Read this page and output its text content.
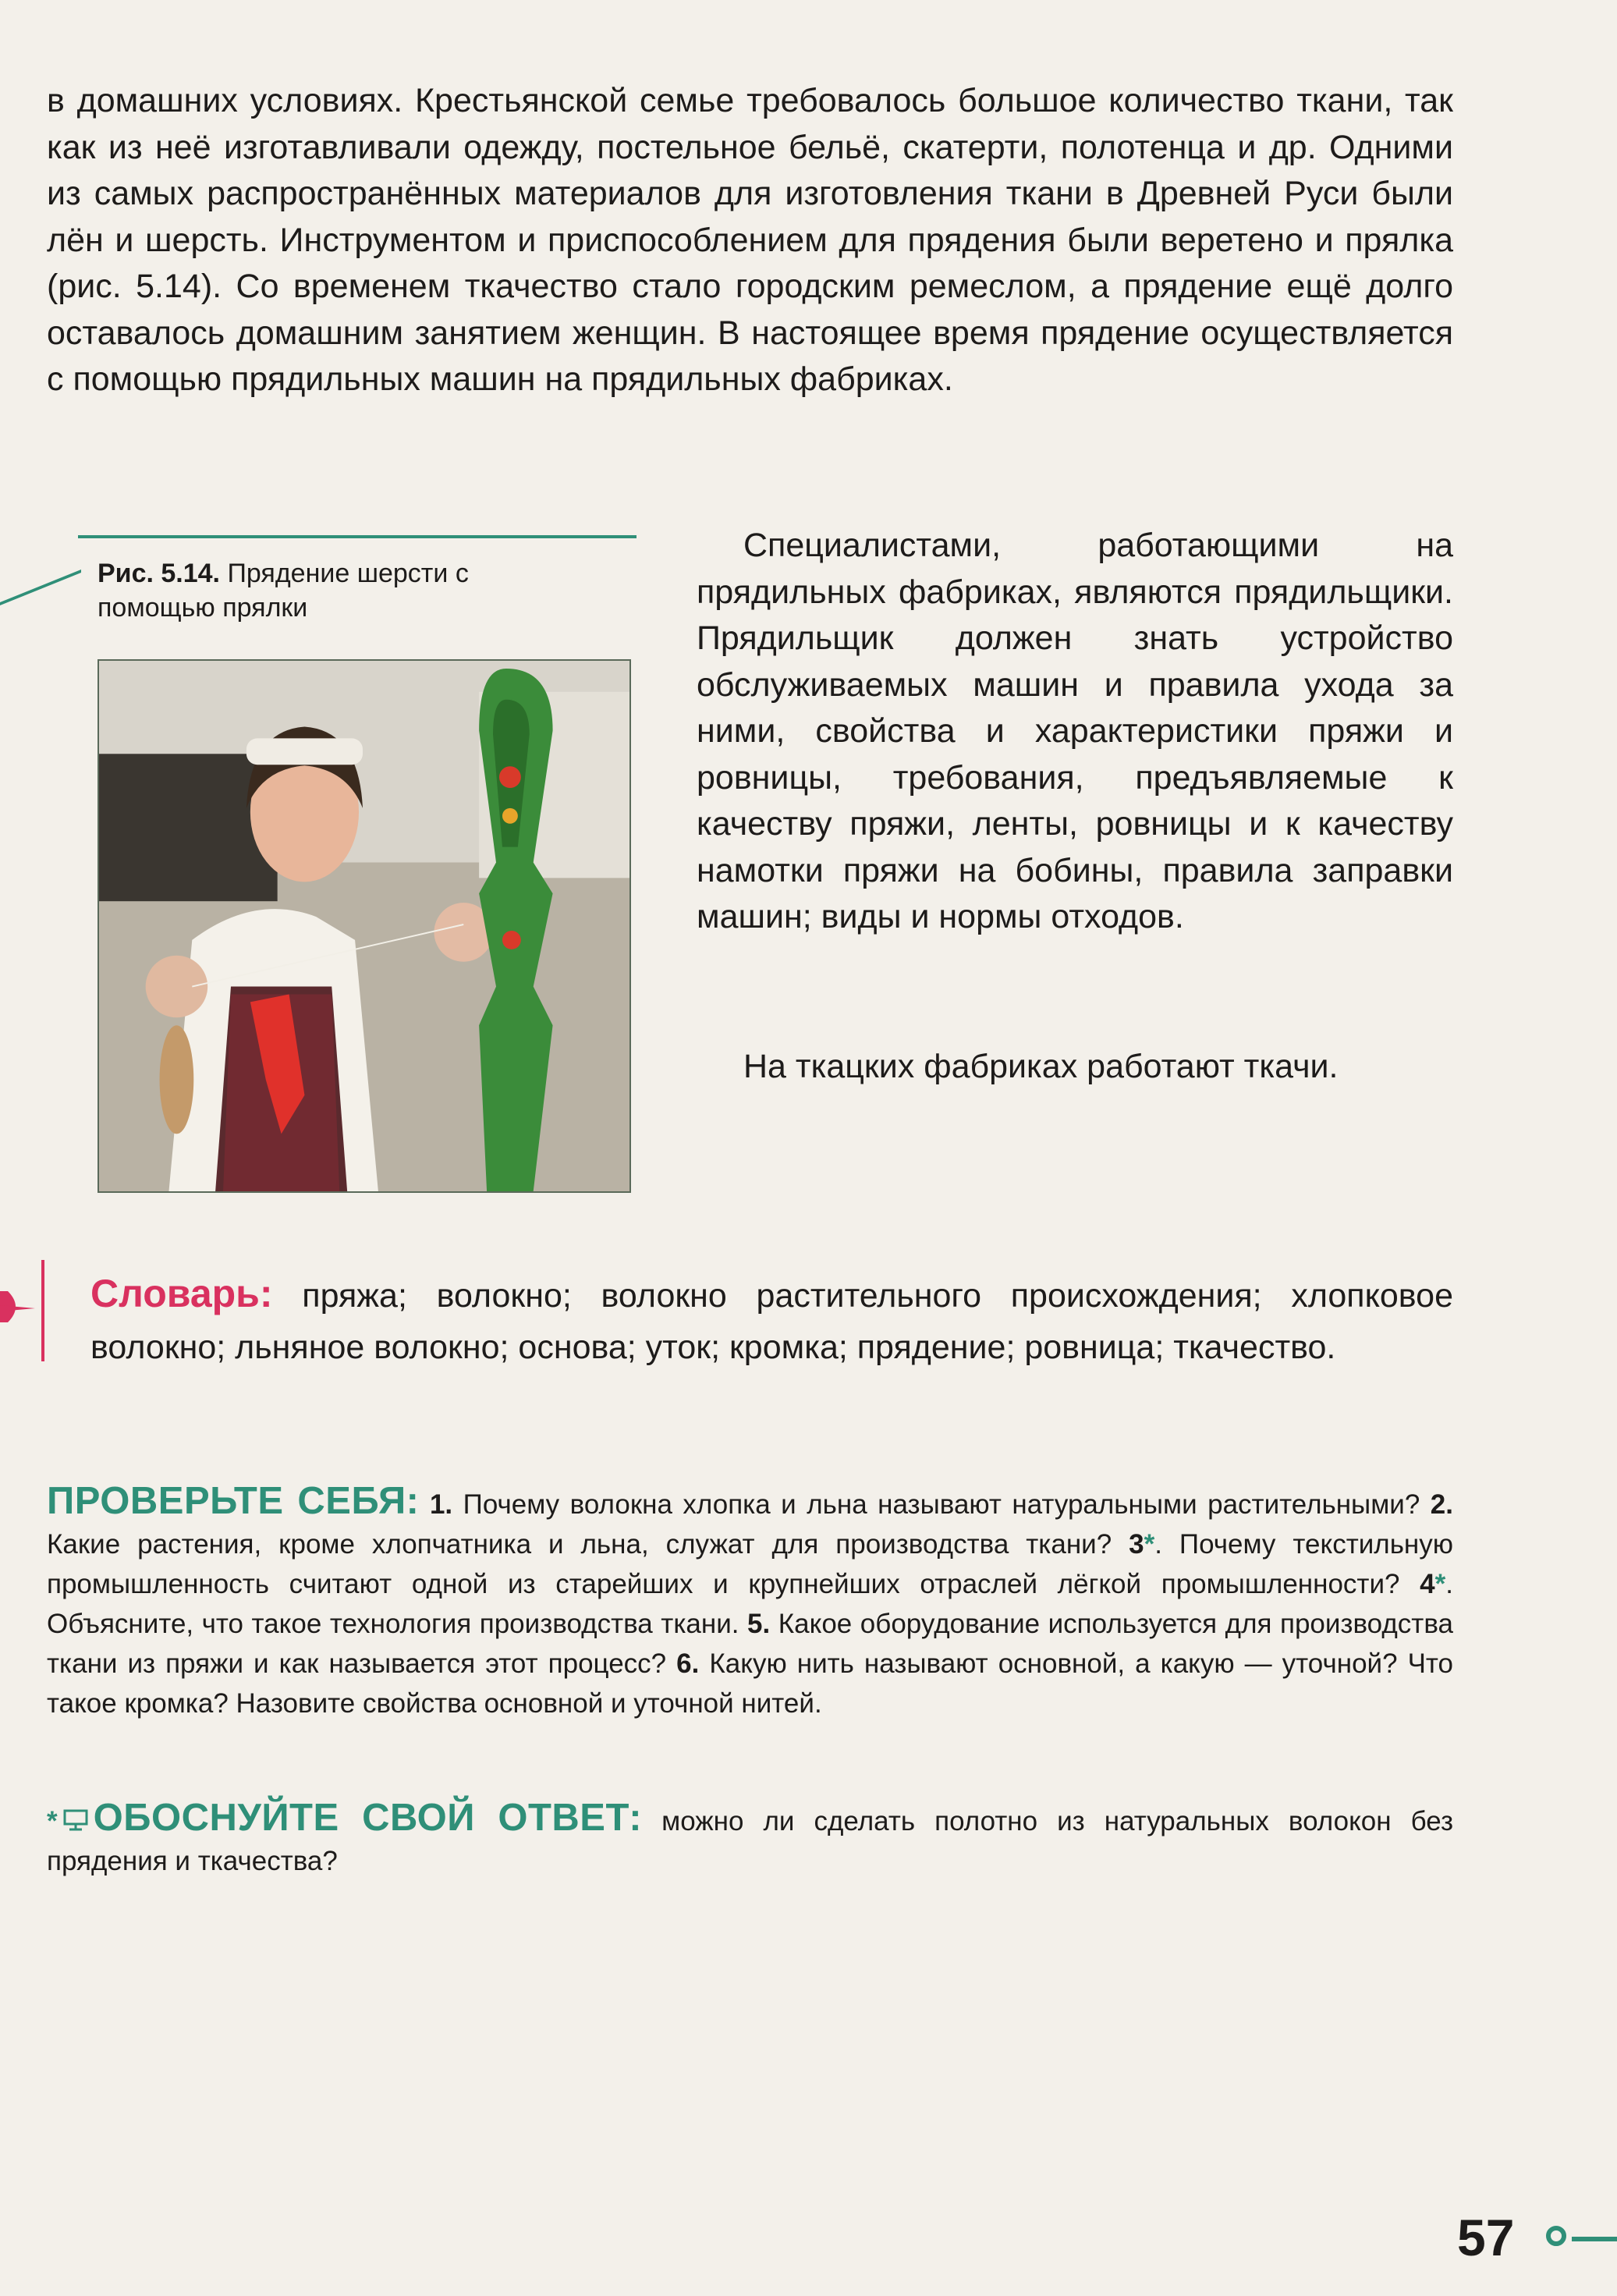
в домашних условиях. Крестьянской семье требовалось большое количество ткани, так как из неё изготавливали одежду, постельное бельё, скатерти, полотенца и др. Одними из самых распространённых материалов для изготовления ткани в Древней Руси были лён и шерсть. Инструментом и приспособлением для прядения были веретено и прялка (рис. 5.14). Со временем ткачество стало городским ремеслом, а прядение ещё долго оставалось домашним занятием женщин. В настоящее время прядение осуществляется с помощью прядильных машин на прядильных фабриках.

Рис. 5.14. Прядение шерсти с помощью прялки

Специалистами, работающими на прядильных фабриках, являются прядильщики. Прядильщик должен знать устройство обслуживаемых машин и правила ухода за ними, свойства и характеристики пряжи и ровницы, требования, предъявляемые к качеству пряжи, ленты, ровницы и к качеству намотки пряжи на бобины, правила заправки машин; виды и нормы отходов.

На ткацких фабриках работают ткачи.

Словарь: пряжа; волокно; волокно растительного происхождения; хлопковое волокно; льняное волокно; основа; уток; кромка; прядение; ровница; ткачество.

ПРОВЕРЬТЕ СЕБЯ: 1. Почему волокна хлопка и льна называют натуральными растительными? 2. Какие растения, кроме хлопчатника и льна, служат для производства ткани? 3*. Почему текстильную промышленность считают одной из старейших и крупнейших отраслей лёгкой промышленности? 4*. Объясните, что такое технология производства ткани. 5. Какое оборудование используется для производства ткани из пряжи и как называется этот процесс? 6. Какую нить называют основной, а какую — уточной? Что такое кромка? Назовите свойства основной и уточной нитей.

* ОБОСНУЙТЕ СВОЙ ОТВЕТ: можно ли сделать полотно из натуральных волокон без прядения и ткачества?

57
